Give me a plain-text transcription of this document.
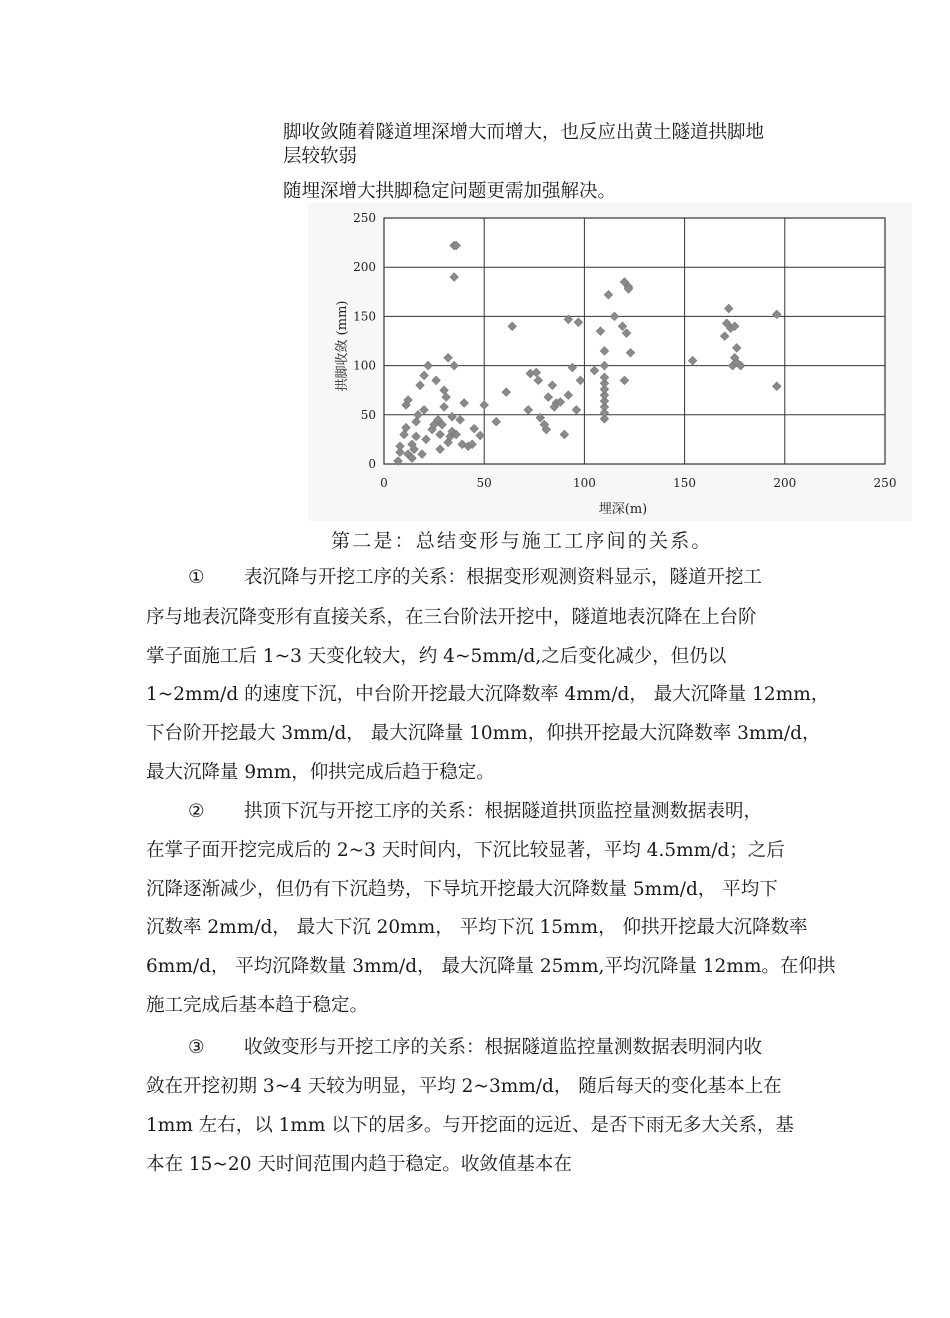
脚收敛随着隧道埋深增大而增大，也反应出黄土隧道拱脚地

层较软弱

随埋深增大拱脚稳定问题更需加强解决。

0
50
100
150
200
250
0	50	100	150	200	250
埋深(m)
拱脚收敛 (mm)
第二是：总结变形与施工工序间的关系。
① 表沉降与开挖工序的关系：根据变形观测资料显示，隧道开挖工
序与地表沉降变形有直接关系，在三台阶法开挖中，隧道地表沉降在上台阶
掌子面施工后 1~3 天变化较大，约 4~5mm/d,之后变化减少，但仍以
1~2mm/d 的速度下沉，中台阶开挖最大沉降数率 4mm/d， 最大沉降量 12mm，
下台阶开挖最大 3mm/d， 最大沉降量 10mm，仰拱开挖最大沉降数率 3mm/d，
最大沉降量 9mm，仰拱完成后趋于稳定。
② 拱顶下沉与开挖工序的关系：根据隧道拱顶监控量测数据表明，
在掌子面开挖完成后的 2~3 天时间内，下沉比较显著，平均 4.5mm/d；之后
沉降逐渐减少，但仍有下沉趋势，下导坑开挖最大沉降数量 5mm/d， 平均下
沉数率 2mm/d， 最大下沉 20mm， 平均下沉 15mm， 仰拱开挖最大沉降数率
6mm/d， 平均沉降数量 3mm/d， 最大沉降量 25mm,平均沉降量 12mm。在仰拱
施工完成后基本趋于稳定。
③ 收敛变形与开挖工序的关系：根据隧道监控量测数据表明洞内收
敛在开挖初期 3~4 天较为明显，平均 2~3mm/d， 随后每天的变化基本上在
1mm 左右，以 1mm 以下的居多。与开挖面的远近、是否下雨无多大关系，基
本在 15~20 天时间范围内趋于稳定。收敛值基本在
